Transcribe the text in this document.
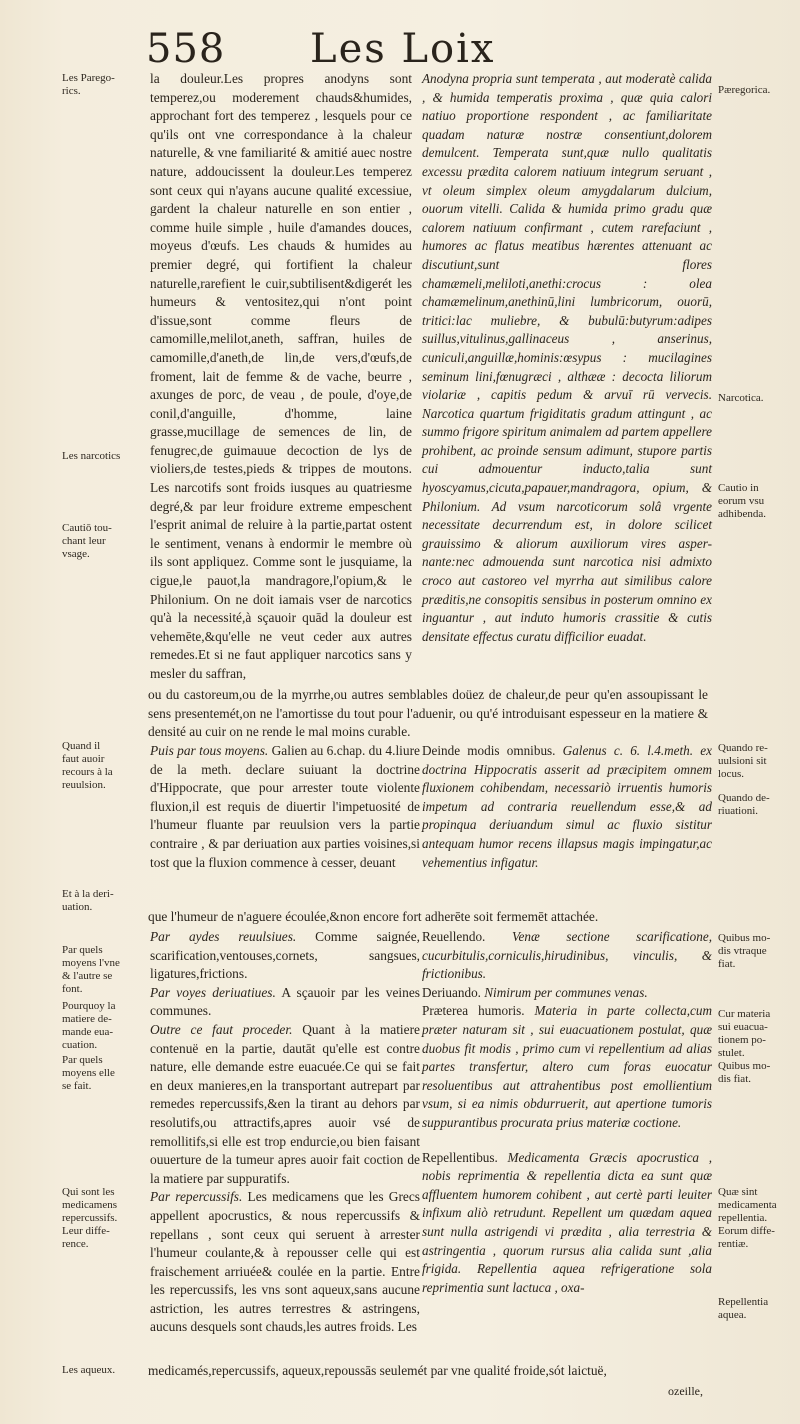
558 Les Loix

la douleur.Les propres anodyns sont temperez,ou moderement chauds&humides, approchant fort des temperez , lesquels pour ce qu'ils ont vne correspondance à la chaleur naturelle, & vne familiarité & amitié auec nostre nature, addoucissent la douleur.Les temperez sont ceux qui n'ayans aucune qualité excessiue, gardent la chaleur naturelle en son entier , comme huile simple , huile d'amandes douces, moyeus d'œufs. Les chauds & humides au premier degré, qui fortifient la chaleur naturelle,rarefient le cuir,subtilisent&digerét les humeurs & ventositez,qui n'ont point d'issue,sont comme fleurs de camomille,melilot,aneth, saffran, huiles de camomille,d'aneth,de lin,de vers,d'œufs,de froment, lait de femme & de vache, beurre , axunges de porc, de veau , de poule, d'oye,de conil,d'anguille, d'homme, laine grasse,mucillage de semences de lin, de fenugrec,de guimauue decoction de lys de violiers,de testes,pieds & trippes de moutons. Les narcotifs sont froids iusques au quatriesme degré,& par leur froidure extreme empeschent l'esprit animal de reluire à la partie,partat ostent le sentiment, venans à endormir le membre où ils sont appliquez. Comme sont le jusquiame, la cigue,le pauot,la mandragore,l'opium,& le Philonium. On ne doit iamais vser de narcotics qu'à la necessité,à sçauoir quād la douleur est vehemēte,&qu'elle ne veut ceder aux autres remedes.Et si ne faut appliquer narcotics sans y mesler du saffran,

Anodyna propria sunt temperata , aut moderatè calida , & humida temperatis proxima , quæ quia calori natiuo proportione respondent , ac familiaritate quadam naturæ nostræ consentiunt,dolorem demulcent. Temperata sunt,quæ nullo qualitatis excessu prædita calorem natiuum integrum seruant , vt oleum simplex oleum amygdalarum dulcium, ouorum vitelli. Calida & humida primo gradu quæ calorem natiuum confirmant , cutem rarefaciunt , humores ac flatus meatibus hærentes attenuant ac discutiunt,sunt flores chamæmeli,meliloti,anethi:crocus : olea chamæmelinum,anethinū,lini lumbricorum, ouorū, tritici:lac muliebre, & bubulū:butyrum:adipes suillus,vitulinus,gallinaceus , anserinus, cuniculi,anguillæ,hominis:œsypus : mucilagines seminum lini,fœnugræci , althææ : decocta liliorum violariæ , capitis pedum & arvuī rū vervecis. Narcotica quartum frigiditatis gradum attingunt , ac summo frigore spiritum animalem ad partem appellere prohibent, ac proinde sensum adimunt, stupore partis cui admouentur inducto,talia sunt hyoscyamus,cicuta,papauer,mandragora, opium, & Philonium. Ad vsum narcoticorum solâ vrgente necessitate decurrendum est, in dolore scilicet grauissimo & aliorum auxiliorum vires asper-nante:nec admouenda sunt narcotica nisi admixto croco aut castoreo vel myrrha aut similibus calore præditis,ne consopitis sensibus in posterum omnino ex inguantur , aut induto humoris crassitie & cutis densitate effectus curatu difficilior euadat.

ou du castoreum,ou de la myrrhe,ou autres semblables doüez de chaleur,de peur qu'en assoupissant le sens presentemét,on ne l'amortisse du tout pour l'aduenir, ou qu'é introduisant espesseur en la matiere & densité au cuir on ne rende le mal moins curable.

Puis par tous moyens. Galien au 6.chap. du 4.liure de la meth. declare suiuant la doctrine d'Hippocrate, que pour arrester toute violente fluxion,il est requis de diuertir l'impetuosité de l'humeur fluante par reuulsion vers la partie contraire , & par deriuation aux parties voisines,si tost que la fluxion commence à cesser, deuant

Deinde modis omnibus. Galenus c. 6. l.4.meth. ex doctrina Hippocratis asserit ad præcipitem omnem fluxionem cohibendam, necessariò irruentis humoris impetum ad contraria reuellendum esse,& ad propinqua deriuandum simul ac fluxio sistitur antequam humor recens illapsus magis impingatur,ac vehementius infigatur.

que l'humeur de n'aguere écoulée,&non encore fort adherēte soit fermemēt attachée.

Par aydes reuulsiues. Comme saignée, scarification,ventouses,cornets, sangsues, ligatures,frictions.

Par voyes deriuatiues. A sçauoir par les veines communes.

Outre ce faut proceder. Quant à la matiere contenuë en la partie, dautāt qu'elle est contre nature, elle demande estre euacuée.Ce qui se fait en deux manieres,en la transportant autrepart par remedes repercussifs,&en la tirant au dehors par resolutifs,ou attractifs,apres auoir vsé de remollitifs,si elle est trop endurcie,ou bien faisant ouuerture de la tumeur apres auoir fait coction de la matiere par suppuratifs.

Par repercussifs. Les medicamens que les Grecs appellent apocrustics, & nous repercussifs & repellans , sont ceux qui seruent à arrester l'humeur coulante,& à repousser celle qui est fraischement arriuée& coulée en la partie. Entre les repercussifs, les vns sont aqueux,sans aucune astriction, les autres terrestres & astringens, aucuns desquels sont chauds,les autres froids. Les

Reuellendo. Venæ sectione scarificatione, cucurbitulis,corniculis,hirudinibus, vinculis, & frictionibus.

Deriuando. Nimirum per communes venas.

Præterea humoris. Materia in parte collecta,cum præter naturam sit , sui euacuationem postulat, quæ duobus fit modis , primo cum vi repellentium ad alias partes transfertur, altero cum foras euocatur resoluentibus aut attrahentibus post emollientium vsum, si ea nimis obdurruerit, aut apertione tumoris suppurantibus procurata prius materiæ coctione.

Repellentibus. Medicamenta Græcis apocrustica , nobis reprimentia & repellentia dicta ea sunt quæ affluentem humorem cohibent , aut certè parti leuiter infixum aliò retrudunt. Repellent um quædam aquea sunt nulla astrigendi vi prædita , alia terrestria & astringentia , quorum rursus alia calida sunt ,alia frigida. Repellentia aquea refrigeratione sola reprimentia sunt lactuca , oxa-

medicamés,repercussifs, aqueux,repoussās seulemét par vne qualité froide,sót laictuë,
ozeille,
Les Parego-
rics.
Les narcotics
Cautiō tou-
chant leur
vsage.
Quand il
faut auoir
recours à la
reuulsion.
Et à la deri-
uation.
Par quels
moyens l'vne
& l'autre se
font.
Pourquoy la
matiere de-
mande eua-
cuation.
Par quels
moyens elle
se fait.
Qui sont les
medicamens
repercussifs.
Leur diffe-
rence.
Les aqueux.
Pæregorica.
Narcotica.
Cautio in
eorum vsu
adhibenda.
Quando re-
uulsioni sit
locus.
Quando de-
riuationi.
Quibus mo-
dis vtraque
fiat.
Cur materia
sui euacua-
tionem po-
stulet.
Quibus mo-
dis fiat.
Quæ sint
medicamenta
repellentia.
Eorum diffe-
rentiæ.
Repellentia
aquea.
